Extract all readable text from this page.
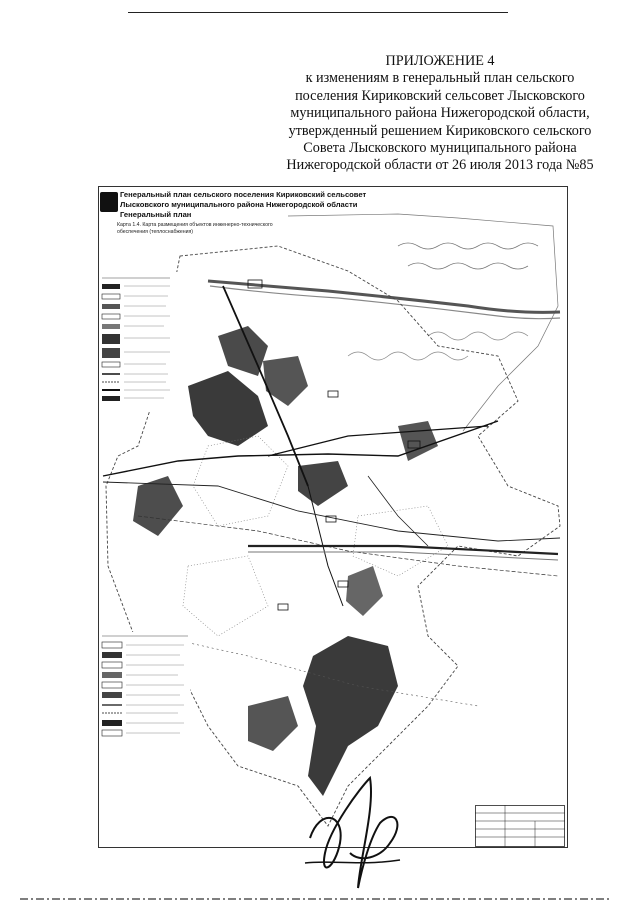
ПРИЛОЖЕНИЕ 4
к изменениям в генеральный план сельского
поселения Кириковский сельсовет Лысковского
муниципального района Нижегородской области,
утвержденный решением Кириковского сельского
Совета Лысковского муниципального района
Нижегородской области от 26 июля 2013 года №85
Генеральный план сельского поселения Кириковский сельсовет
Лысковского муниципального района Нижегородской области
Генеральный план
Карта 1.4. Карта размещения объектов инженерно-технического
обеспечения (теплоснабжения)
